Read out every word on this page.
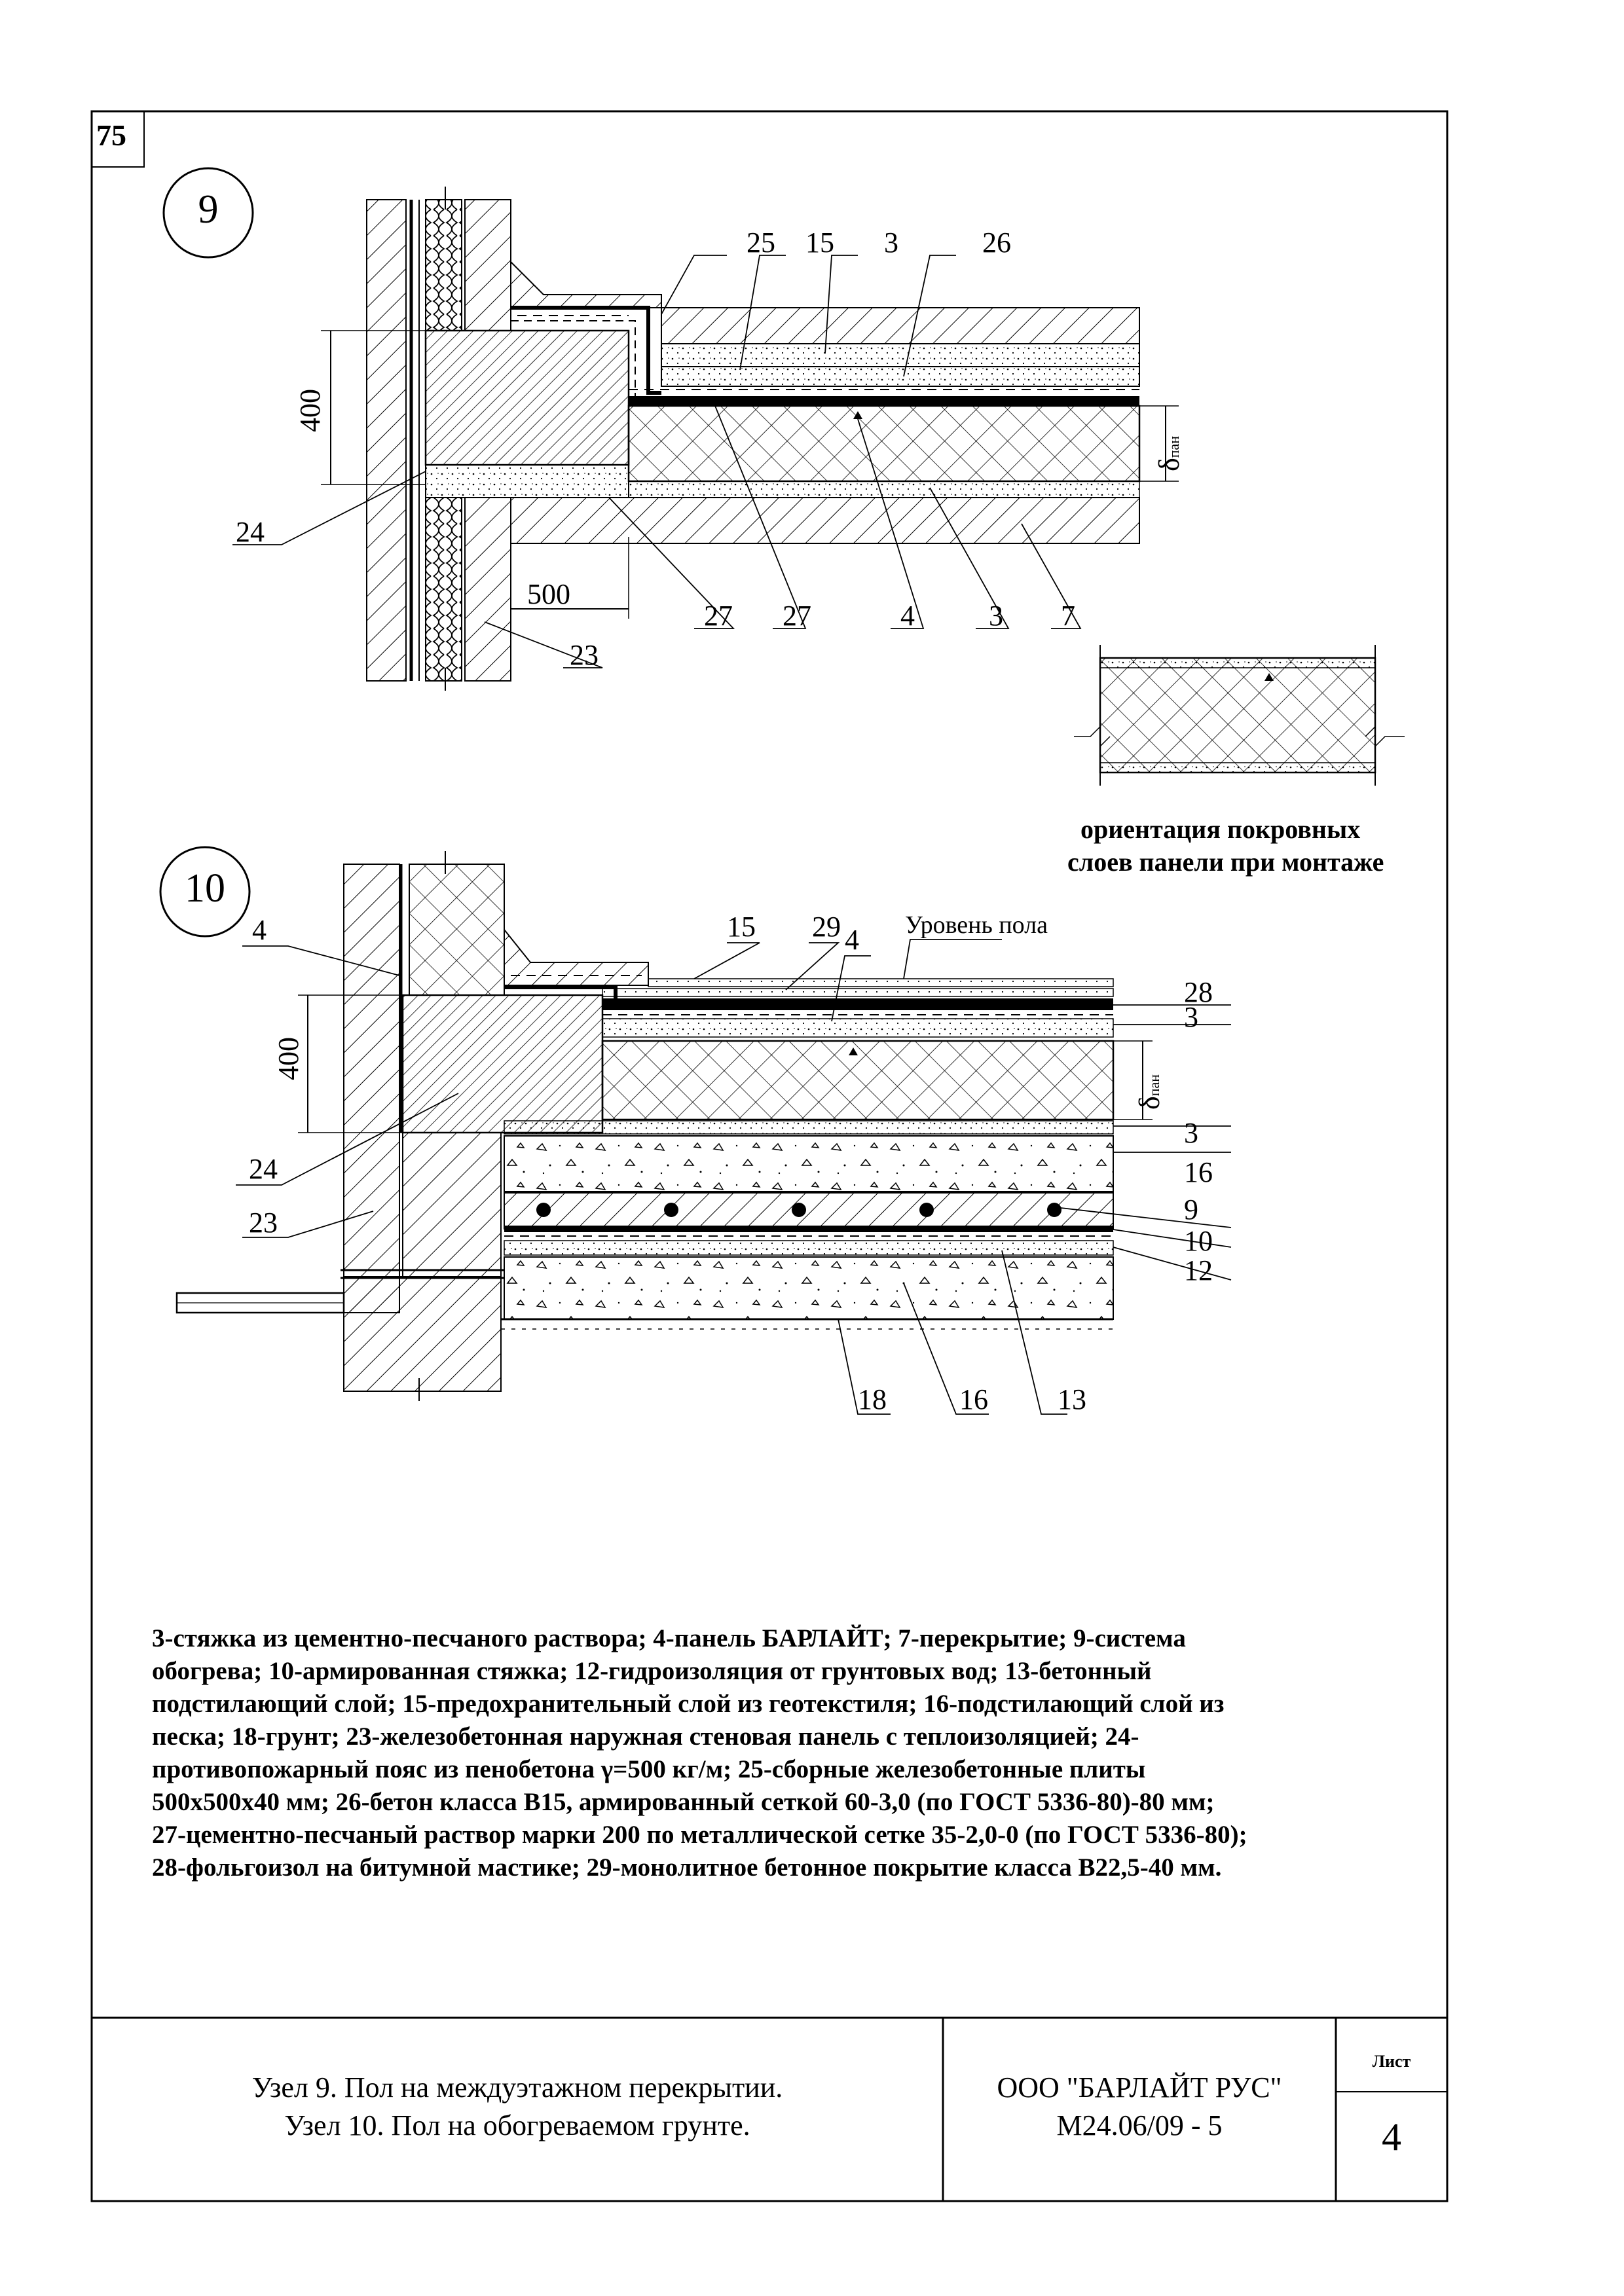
25 15 3	26
400
24
500
27 27	4	3 7
23
δпан
ориентация покровных
слоев панели при монтаже
4	15 29 4 Уровень пола
28
3
400
3
16
24
9
23
10
12
18	16 13
δпан
75
9
10
3-стяжка из цементно-песчаного раствора; 4-панель БАРЛАЙТ; 7-перекрытие; 9-система
обогрева; 10-армированная стяжка; 12-гидроизоляция от грунтовых вод; 13-бетонный
подстилающий слой; 15-предохранительный слой из геотекстиля; 16-подстилающий слой из
песка; 18-грунт; 23-железобетонная наружная стеновая панель с теплоизоляцией; 24-
противопожарный пояс из пенобетона γ=500 кг/м; 25-сборные железобетонные плиты
500х500х40 мм; 26-бетон класса В15, армированный сеткой 60-3,0 (по ГОСТ 5336-80)-80 мм;
27-цементно-песчаный раствор марки 200 по металлической сетке 35-2,0-0 (по ГОСТ 5336-80);
28-фольгоизол на битумной мастике; 29-монолитное бетонное покрытие класса В22,5-40 мм.
Узел 9. Пол на междуэтажном перекрытии.
Узел 10. Пол на обогреваемом грунте.
ООО "БАРЛАЙТ РУС"
М24.06/09 - 5
Лист
4
